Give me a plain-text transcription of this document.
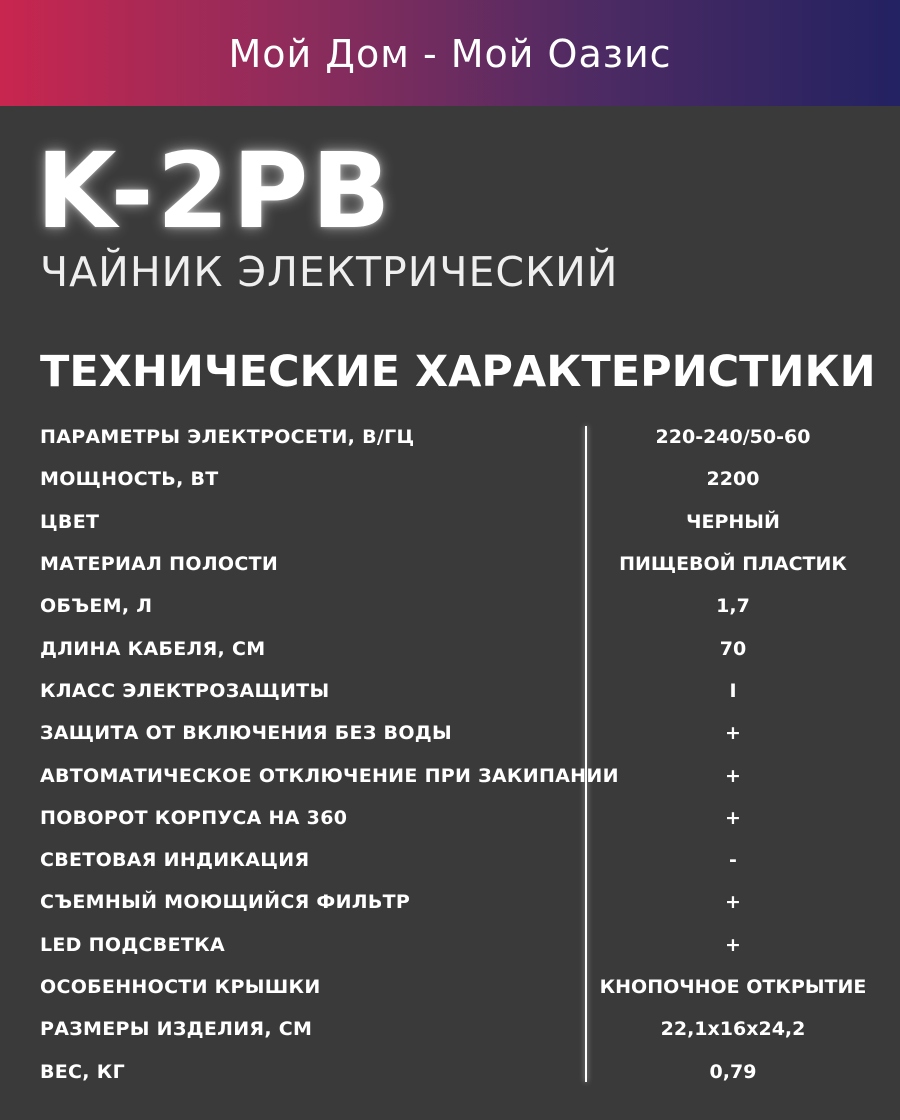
Мой Дом - Мой Оазис
K-2PB
ЧАЙНИК ЭЛЕКТРИЧЕСКИЙ
ТЕХНИЧЕСКИЕ ХАРАКТЕРИСТИКИ
ПАРАМЕТРЫ ЭЛЕКТРОСЕТИ, В/ГЦ	220-240/50-60
МОЩНОСТЬ, ВТ	2200
ЦВЕТ	ЧЕРНЫЙ
МАТЕРИАЛ ПОЛОСТИ	ПИЩЕВОЙ ПЛАСТИК
ОБЪЕМ, Л	1,7
ДЛИНА КАБЕЛЯ, СМ	70
КЛАСС ЭЛЕКТРОЗАЩИТЫ	I
ЗАЩИТА ОТ ВКЛЮЧЕНИЯ БЕЗ ВОДЫ	+
АВТОМАТИЧЕСКОЕ ОТКЛЮЧЕНИЕ ПРИ ЗАКИПАНИИ	+
ПОВОРОТ КОРПУСА НА 360	+
СВЕТОВАЯ ИНДИКАЦИЯ	-
СЪЕМНЫЙ МОЮЩИЙСЯ ФИЛЬТР	+
LED ПОДСВЕТКА	+
ОСОБЕННОСТИ КРЫШКИ	КНОПОЧНОЕ ОТКРЫТИЕ
РАЗМЕРЫ ИЗДЕЛИЯ, СМ	22,1x16x24,2
ВЕС, КГ	0,79
